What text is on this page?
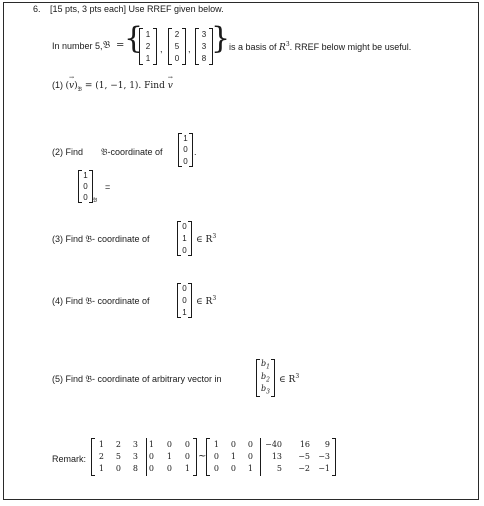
6. [15 pts, 3 pts each] Use RREF given below.
In number 5, 𝔅 = { 1
2
1
,
2
5
0
,
3
3
8
}
is a basis of $R^3$. RREF below might be useful.
(1) (v
→
)$_𝔅 = (1$, −1, 1). Find v
→
(2) Find 𝔅-coordinate of
1
0
0
.
1
0
0 𝔅
=
(3) Find 𝔅- coordinate of
0
1
0
∈ $R^3$
(4) Find 𝔅- coordinate of
0
0
1
∈ $R^3$
(5) Find 𝔅- coordinate of arbitrary vector in
$b_1$
$b_2$
$b_3$
∈ $R^3$
Remark:
1 2 3 1 0 0
2 5 3 0 1 0
1 0 8 0 0 1
~
1 0 0 −40 16 9
0 1 0 13 −5 −3
0 0 1	5 −2 −1
